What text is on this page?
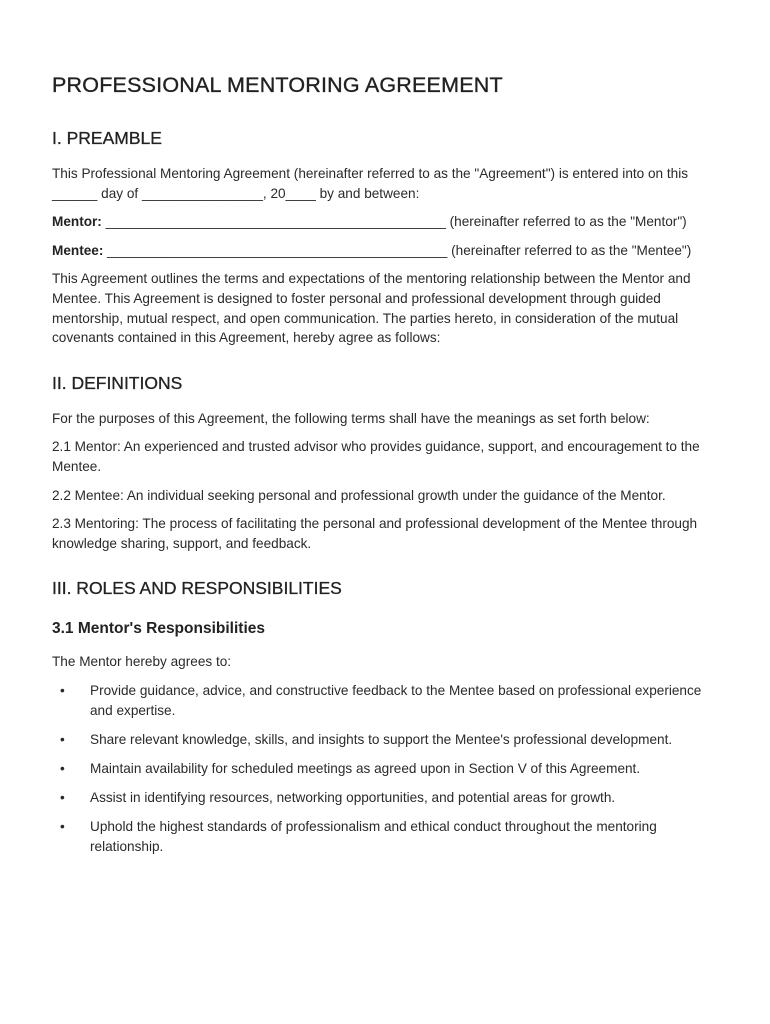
PROFESSIONAL MENTORING AGREEMENT
I. PREAMBLE

This Professional Mentoring Agreement (hereinafter referred to as the "Agreement") is entered into on this ______ day of ________________, 20____ by and between:

Mentor: _____________________________________________ (hereinafter referred to as the "Mentor")

Mentee: _____________________________________________ (hereinafter referred to as the "Mentee")

This Agreement outlines the terms and expectations of the mentoring relationship between the Mentor and Mentee. This Agreement is designed to foster personal and professional development through guided mentorship, mutual respect, and open communication. The parties hereto, in consideration of the mutual covenants contained in this Agreement, hereby agree as follows:

II. DEFINITIONS

For the purposes of this Agreement, the following terms shall have the meanings as set forth below:

2.1 Mentor: An experienced and trusted advisor who provides guidance, support, and encouragement to the Mentee.

2.2 Mentee: An individual seeking personal and professional growth under the guidance of the Mentor.

2.3 Mentoring: The process of facilitating the personal and professional development of the Mentee through knowledge sharing, support, and feedback.

III. ROLES AND RESPONSIBILITIES
3.1 Mentor's Responsibilities

The Mentor hereby agrees to:

• Provide guidance, advice, and constructive feedback to the Mentee based on professional experience and expertise.
• Share relevant knowledge, skills, and insights to support the Mentee's professional development.
• Maintain availability for scheduled meetings as agreed upon in Section V of this Agreement.
• Assist in identifying resources, networking opportunities, and potential areas for growth.
• Uphold the highest standards of professionalism and ethical conduct throughout the mentoring relationship.
